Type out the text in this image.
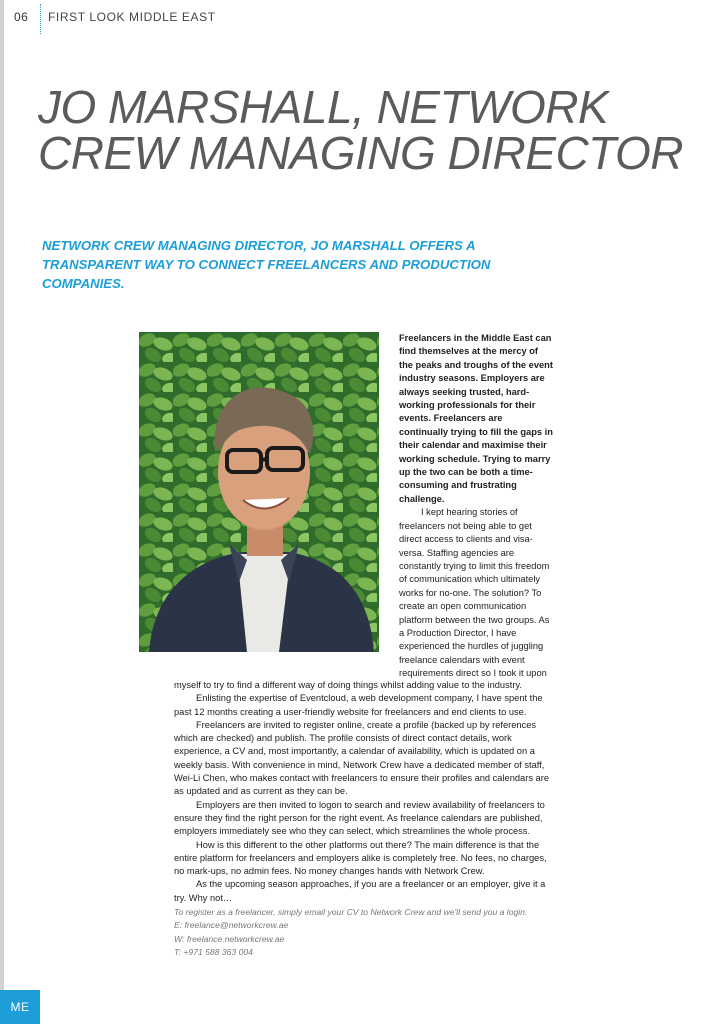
06 FIRST LOOK MIDDLE EAST
JO MARSHALL, NETWORK CREW MANAGING DIRECTOR

NETWORK CREW MANAGING DIRECTOR, JO MARSHALL OFFERS A TRANSPARENT WAY TO CONNECT FREELANCERS AND PRODUCTION COMPANIES.

Freelancers in the Middle East can find themselves at the mercy of the peaks and troughs of the event industry seasons. Employers are always seeking trusted, hard-working professionals for their events. Freelancers are continually trying to fill the gaps in their calendar and maximise their working schedule. Trying to marry up the two can be both a time-consuming and frustrating challenge.

I kept hearing stories of freelancers not being able to get direct access to clients and visa-versa. Staffing agencies are constantly trying to limit this freedom of communication which ultimately works for no-one. The solution? To create an open communication platform between the two groups. As a Production Director, I have experienced the hurdles of juggling freelance calendars with event requirements direct so I took it upon

myself to try to find a different way of doing things whilst adding value to the industry.

Enlisting the expertise of Eventcloud, a web development company, I have spent the past 12 months creating a user-friendly website for freelancers and end clients to use.

Freelancers are invited to register online, create a profile (backed up by references which are checked) and publish. The profile consists of direct contact details, work experience, a CV and, most importantly, a calendar of availability, which is updated on a weekly basis. With convenience in mind, Network Crew have a dedicated member of staff, Wei-Li Chen, who makes contact with freelancers to ensure their profiles and calendars are as updated and as current as they can be.

Employers are then invited to logon to search and review availability of freelancers to ensure they find the right person for the right event. As freelance calendars are published, employers immediately see who they can select, which streamlines the whole process.

How is this different to the other platforms out there? The main difference is that the entire platform for freelancers and employers alike is completely free. No fees, no charges, no mark-ups, no admin fees. No money changes hands with Network Crew.

As the upcoming season approaches, if you are a freelancer or an employer, give it a try. Why not…

To register as a freelancer, simply email your CV to Network Crew and we'll send you a login.

E: freelance@networkcrew.ae

W: freelance.networkcrew.ae

T: +971 588 363 004

ME
